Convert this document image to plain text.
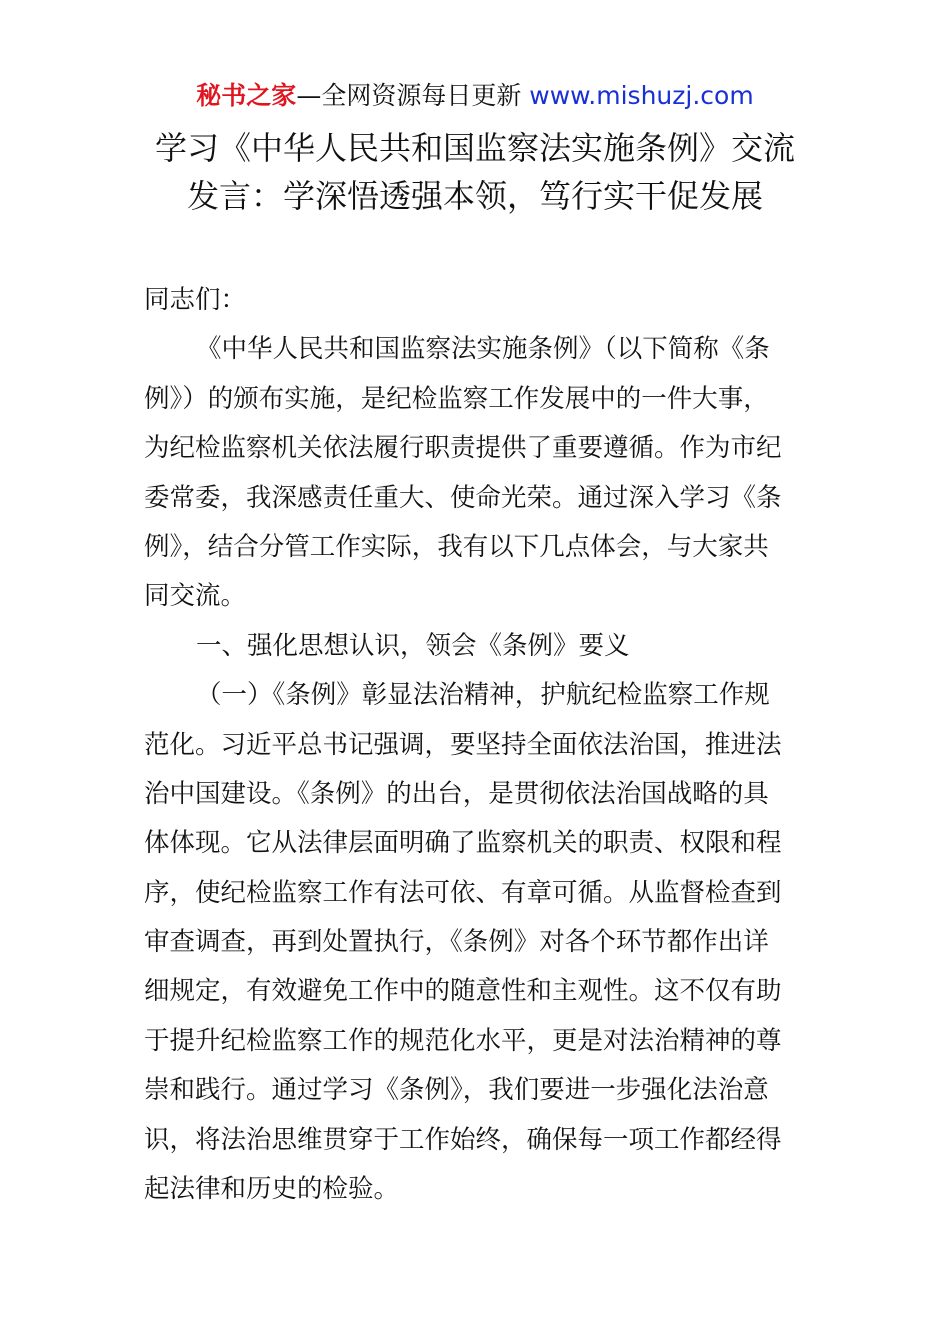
秘书之家—全网资源每日更新 www.mishuzj.com
学习《中华人民共和国监察法实施条例》交流
发言：学深悟透强本领，笃行实干促发展
同志们：
《中华人民共和国监察法实施条例》（以下简称《条
例》）的颁布实施，是纪检监察工作发展中的一件大事，
为纪检监察机关依法履行职责提供了重要遵循。作为市纪
委常委，我深感责任重大、使命光荣。通过深入学习《条
例》，结合分管工作实际，我有以下几点体会，与大家共
同交流。
一、强化思想认识，领会《条例》要义
（一）《条例》彰显法治精神，护航纪检监察工作规
范化。习近平总书记强调，要坚持全面依法治国，推进法
治中国建设。《条例》的出台，是贯彻依法治国战略的具
体体现。它从法律层面明确了监察机关的职责、权限和程
序，使纪检监察工作有法可依、有章可循。从监督检查到
审查调查，再到处置执行，《条例》对各个环节都作出详
细规定，有效避免工作中的随意性和主观性。这不仅有助
于提升纪检监察工作的规范化水平，更是对法治精神的尊
崇和践行。通过学习《条例》，我们要进一步强化法治意
识，将法治思维贯穿于工作始终，确保每一项工作都经得
起法律和历史的检验。
